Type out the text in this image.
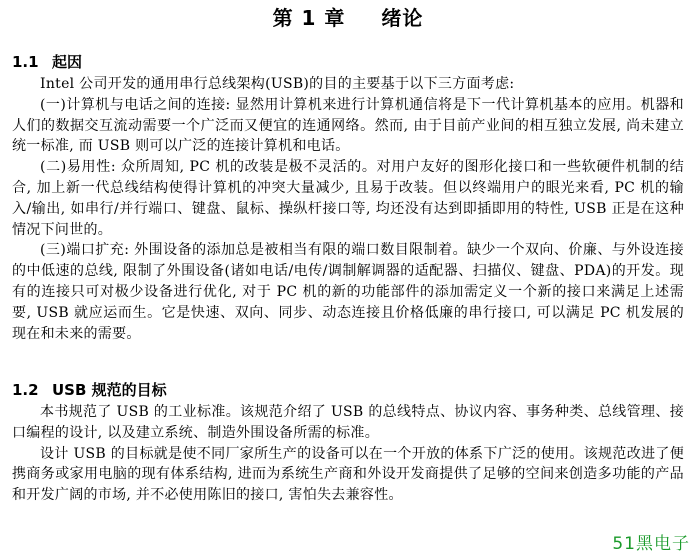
第 1 章 绪论
1.1 起因

Intel 公司开发的通用串行总线架构(USB)的目的主要基于以下三方面考虑:

(一)计算机与电话之间的连接: 显然用计算机来进行计算机通信将是下一代计算机基本的应用。机器和人们的数据交互流动需要一个广泛而又便宜的连通网络。然而, 由于目前产业间的相互独立发展, 尚未建立统一标准, 而 USB 则可以广泛的连接计算机和电话。

(二)易用性: 众所周知, PC 机的改装是极不灵活的。对用户友好的图形化接口和一些软硬件机制的结合, 加上新一代总线结构使得计算机的冲突大量减少, 且易于改装。但以终端用户的眼光来看, PC 机的输入/输出, 如串行/并行端口、键盘、鼠标、操纵杆接口等, 均还没有达到即插即用的特性, USB 正是在这种情况下问世的。

(三)端口扩充: 外围设备的添加总是被相当有限的端口数目限制着。缺少一个双向、价廉、与外设连接的中低速的总线, 限制了外围设备(诸如电话/电传/调制解调器的适配器、扫描仪、键盘、PDA)的开发。现有的连接只可对极少设备进行优化, 对于 PC 机的新的功能部件的添加需定义一个新的接口来满足上述需要, USB 就应运而生。它是快速、双向、同步、动态连接且价格低廉的串行接口, 可以满足 PC 机发展的现在和未来的需要。

1.2 USB 规范的目标

本书规范了 USB 的工业标准。该规范介绍了 USB 的总线特点、协议内容、事务种类、总线管理、接口编程的设计, 以及建立系统、制造外围设备所需的标准。

设计 USB 的目标就是使不同厂家所生产的设备可以在一个开放的体系下广泛的使用。该规范改进了便携商务或家用电脑的现有体系结构, 进而为系统生产商和外设开发商提供了足够的空间来创造多功能的产品和开发广阔的市场, 并不必使用陈旧的接口, 害怕失去兼容性。

51黑电子
